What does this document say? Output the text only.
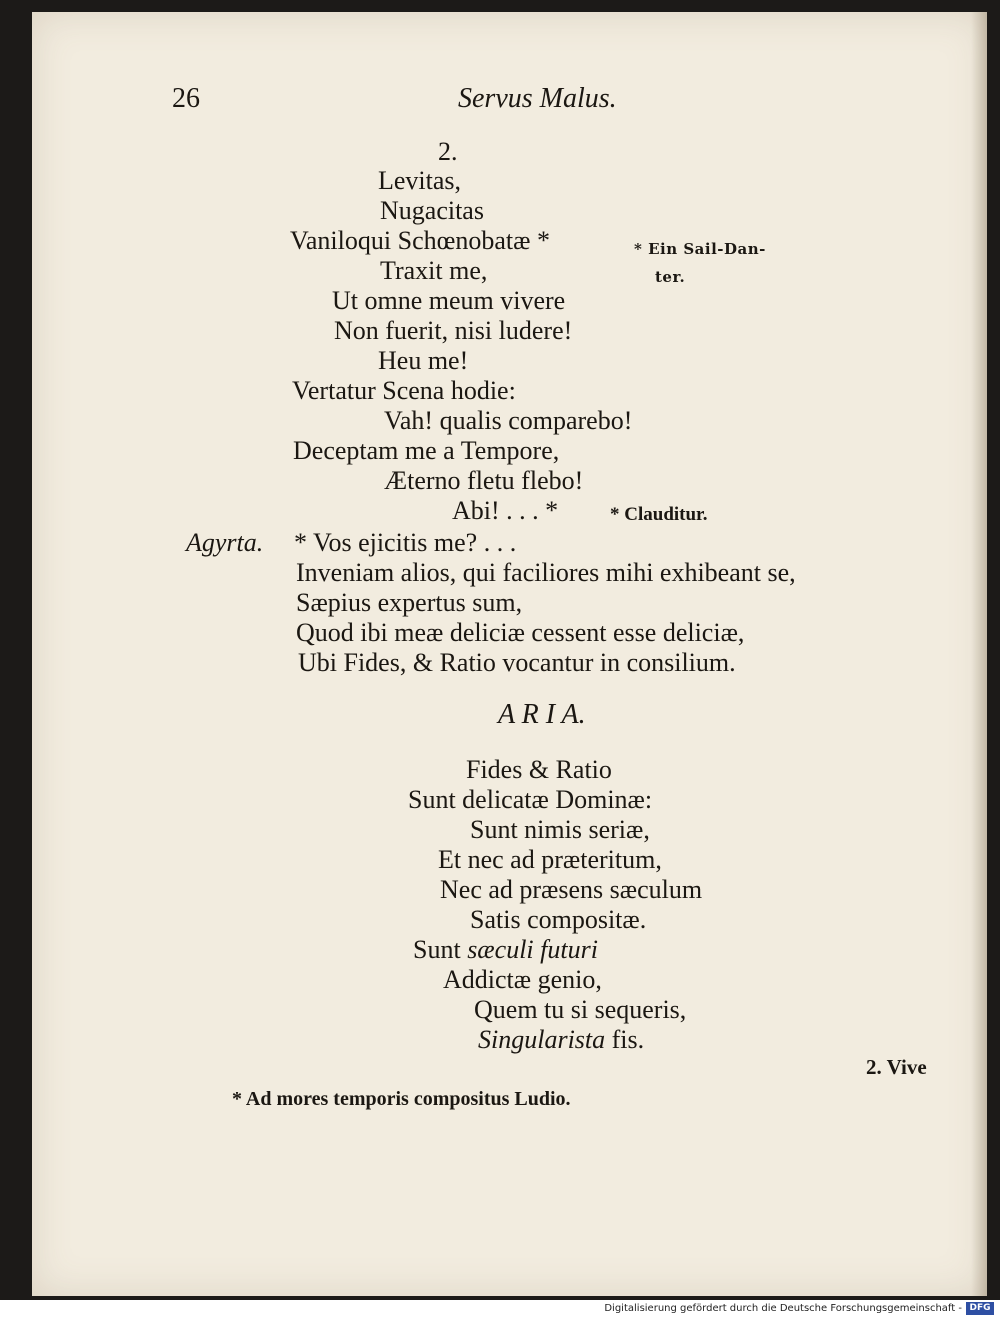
26	Servus Malus.
2.
Levitas,
Nugacitas
Vaniloqui Schœnobatæ *	* Ein Sail-Dan-
Traxit me,	ter.
Ut omne meum vivere
Non fuerit, nisi ludere!
Heu me!
Vertatur Scena hodie:
Vah! qualis comparebo!
Deceptam me a Tempore,
Æterno fletu flebo!
Abi! . . . *	* Clauditur.
Agyrta. * Vos ejicitis me? . . .
Inveniam alios, qui faciliores mihi exhibeant se,
Sæpius expertus sum,
Quod ibi meæ deliciæ cessent esse deliciæ,
Ubi Fides, & Ratio vocantur in consilium.
A R I A.
Fides & Ratio
Sunt delicatæ Dominæ:
Sunt nimis seriæ,
Et nec ad præteritum,
Nec ad præsens sæculum
Satis compositæ.
Sunt sæculi futuri
Addictæ genio,
Quem tu si sequeris,
Singularista fis.
2. Vive
* Ad mores temporis compositus Ludio.
Digitalisierung gefördert durch die Deutsche Forschungsgemeinschaft - DFG
